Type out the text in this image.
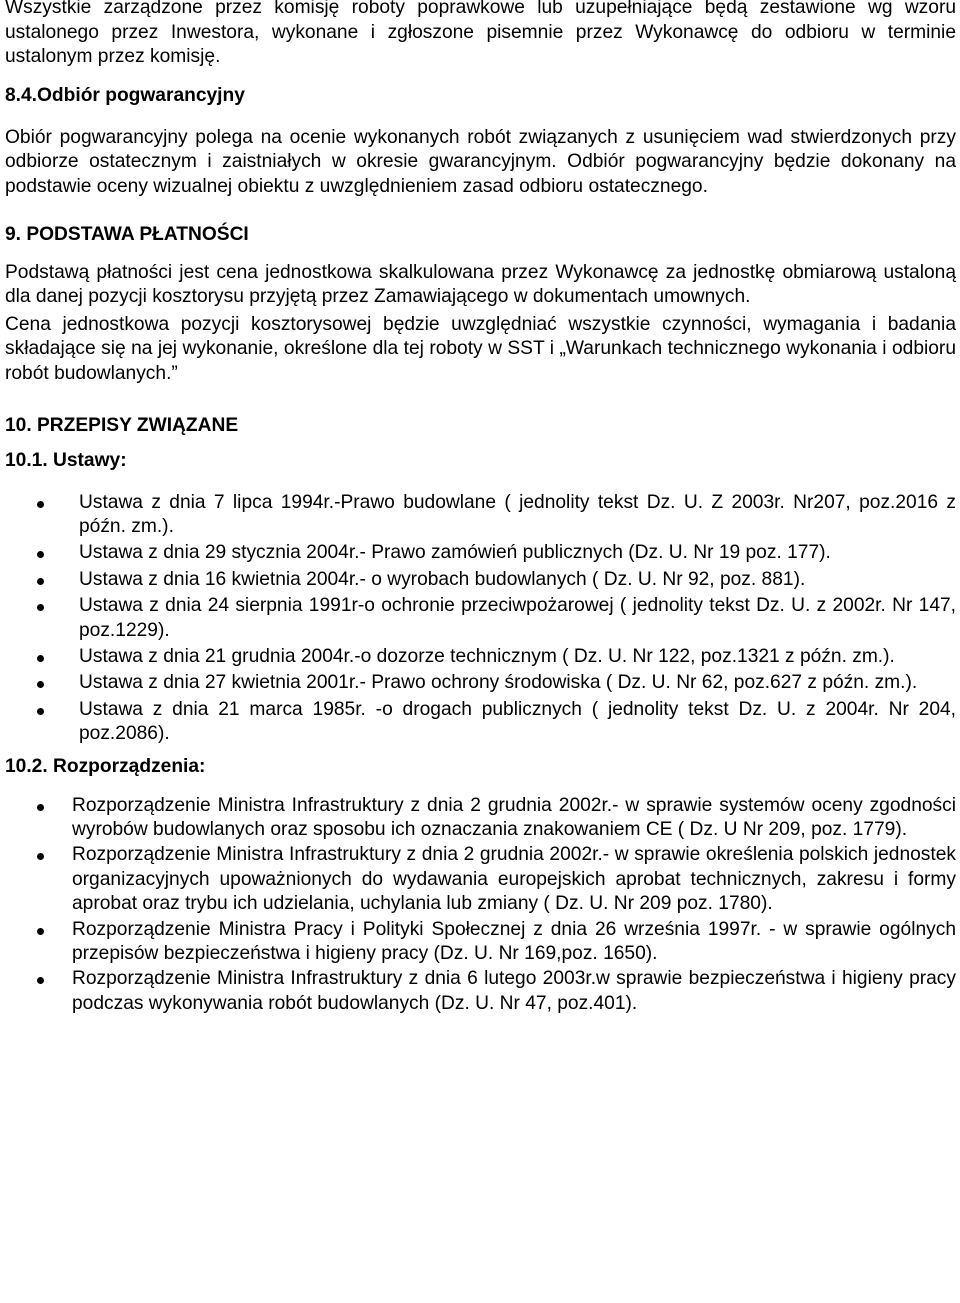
Wszystkie zarządzone przez komisję roboty poprawkowe lub uzupełniające będą zestawione wg wzoru ustalonego przez Inwestora, wykonane i zgłoszone pisemnie przez Wykonawcę do odbioru w terminie ustalonym przez komisję.

8.4.Odbiór pogwarancyjny

Obiór pogwarancyjny polega na ocenie wykonanych robót związanych z usunięciem wad stwierdzonych przy odbiorze ostatecznym i zaistniałych w okresie gwarancyjnym. Odbiór pogwarancyjny będzie dokonany na podstawie oceny wizualnej obiektu z uwzględnieniem zasad odbioru ostatecznego.

9. PODSTAWA PŁATNOŚCI

Podstawą płatności jest cena jednostkowa skalkulowana przez Wykonawcę za jednostkę obmiarową ustaloną dla danej pozycji kosztorysu przyjętą przez Zamawiającego w dokumentach umownych.

Cena jednostkowa pozycji kosztorysowej będzie uwzględniać wszystkie czynności, wymagania i badania składające się na jej wykonanie, określone dla tej roboty w SST i „Warunkach technicznego wykonania i odbioru robót budowlanych.”

10. PRZEPISY ZWIĄZANE

10.1. Ustawy:

Ustawa z dnia 7 lipca 1994r.-Prawo budowlane ( jednolity tekst Dz. U. Z 2003r. Nr207, poz.2016 z późn. zm.).
Ustawa z dnia 29 stycznia 2004r.- Prawo zamówień publicznych (Dz. U. Nr 19 poz. 177).
Ustawa z dnia 16 kwietnia 2004r.- o wyrobach budowlanych ( Dz. U. Nr 92, poz. 881).
Ustawa z dnia 24 sierpnia 1991r-o ochronie przeciwpożarowej ( jednolity tekst Dz. U. z 2002r. Nr 147, poz.1229).
Ustawa z dnia 21 grudnia 2004r.-o dozorze technicznym ( Dz. U. Nr 122, poz.1321 z późn. zm.).
Ustawa z dnia 27 kwietnia 2001r.- Prawo ochrony środowiska ( Dz. U. Nr 62, poz.627 z późn. zm.).
Ustawa z dnia 21 marca 1985r. -o drogach publicznych ( jednolity tekst Dz. U. z 2004r. Nr 204, poz.2086).

10.2. Rozporządzenia:

Rozporządzenie Ministra Infrastruktury z dnia 2 grudnia 2002r.- w sprawie systemów oceny zgodności wyrobów budowlanych oraz sposobu ich oznaczania znakowaniem CE ( Dz. U Nr 209, poz. 1779).
Rozporządzenie Ministra Infrastruktury z dnia 2 grudnia 2002r.- w sprawie określenia polskich jednostek organizacyjnych upoważnionych do wydawania europejskich aprobat technicznych, zakresu i formy aprobat oraz trybu ich udzielania, uchylania lub zmiany ( Dz. U. Nr 209 poz. 1780).
Rozporządzenie Ministra Pracy i Polityki Społecznej z dnia 26 września 1997r. - w sprawie ogólnych przepisów bezpieczeństwa i higieny pracy (Dz. U. Nr 169,poz. 1650).
Rozporządzenie Ministra Infrastruktury z dnia 6 lutego 2003r.w sprawie bezpieczeństwa i higieny pracy podczas wykonywania robót budowlanych (Dz. U. Nr 47, poz.401).
